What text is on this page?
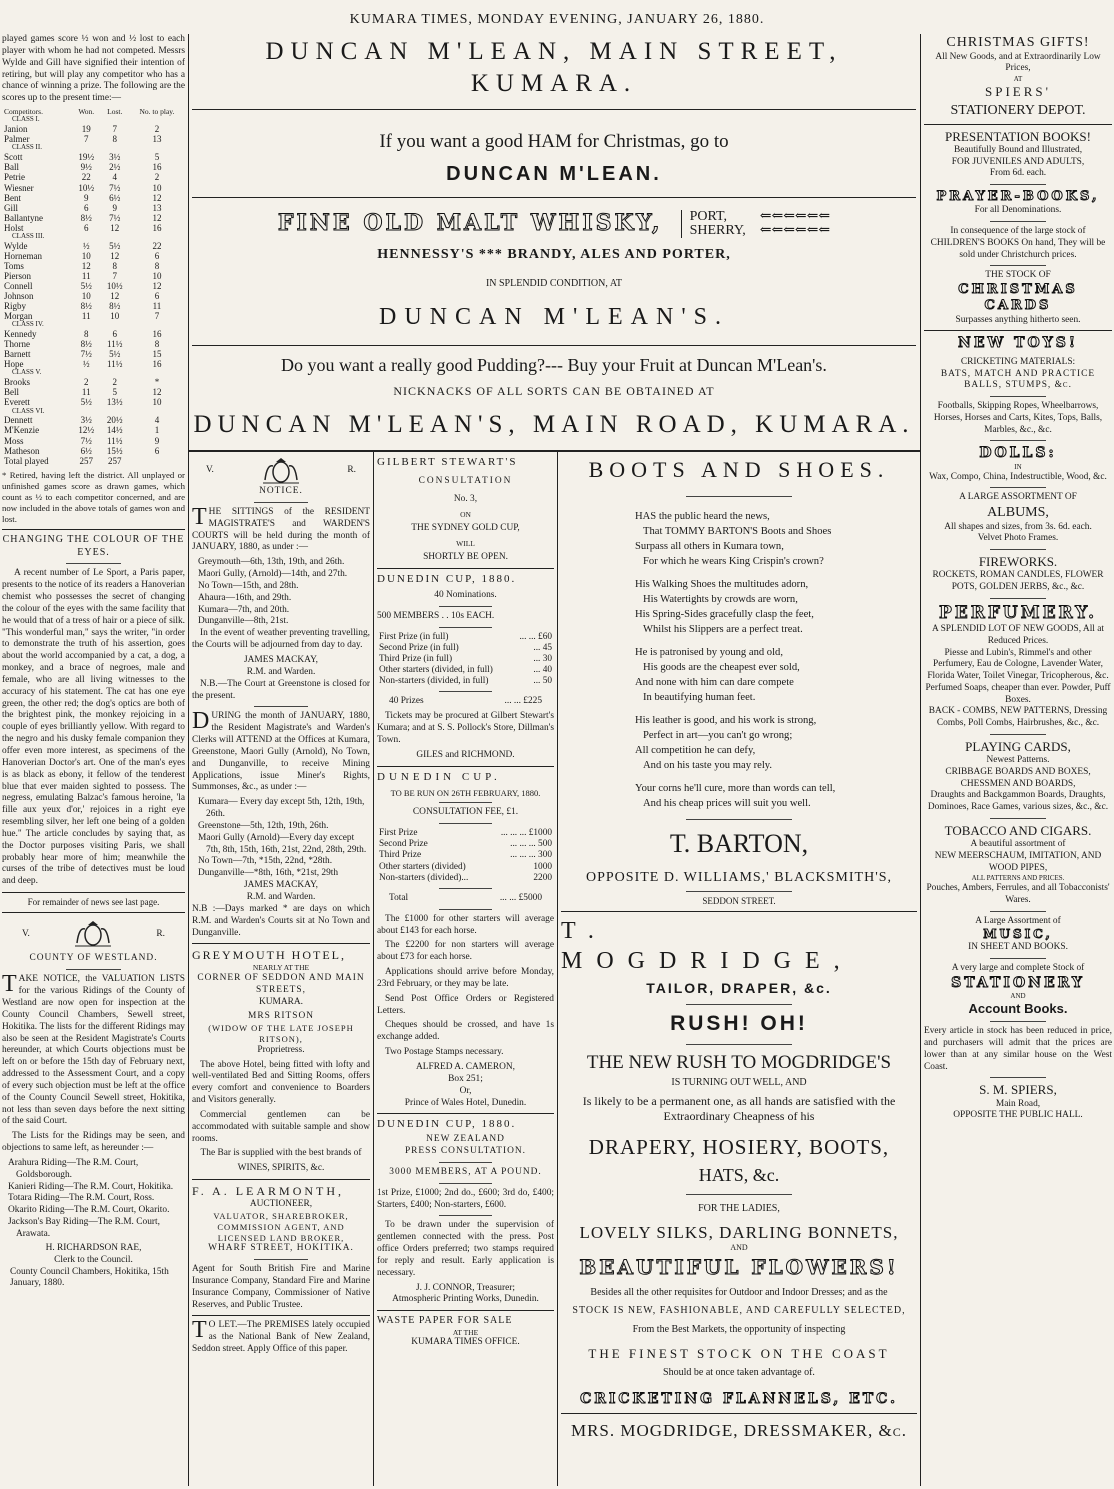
KUMARA TIMES, MONDAY EVENING, JANUARY 26, 1880.

played games score ½ won and ½ lost to each player with whom he had not competed. Messrs Wylde and Gill have signified their intention of retiring, but will play any competitor who has a chance of winning a prize. The following are the scores up to the present time:—

Competitors.	Won.	Lost.	No. to play.
CLASS I.			
Janion	19	7	2
Palmer	7	8	13
CLASS II.			
Scott	19½	3½	5
Ball	9½	2½	16
Petrie	22	4	2
Wiesner	10½	7½	10
Bent	9	6½	12
Gill	6	9	13
Ballantyne	8½	7½	12
Holst	6	12	16
CLASS III.			
Wylde	½	5½	22
Horneman	10	12	6
Toms	12	8	8
Pierson	11	7	10
Connell	5½	10½	12
Johnson	10	12	6
Rigby	8½	8½	11
Morgan	11	10	7
CLASS IV.			
Kennedy	8	6	16
Thorne	8½	11½	8
Barnett	7½	5½	15
Hope	½	11½	16
CLASS V.			
Brooks	2	2	*
Bell	11	5	12
Everett	5½	13½	10
CLASS VI.			
Dennett	3½	20½	4
M'Kenzie	12½	14½	1
Moss	7½	11½	9
Matheson	6½	15½	6
Total played	257	257	

* Retired, having left the district. All unplayed or unfinished games score as drawn games, which count as ½ to each competitor concerned, and are now included in the above totals of games won and lost.

CHANGING THE COLOUR OF THE EYES.

A recent number of Le Sport, a Paris paper, presents to the notice of its readers a Hanoverian chemist who possesses the secret of changing the colour of the eyes with the same facility that he would that of a tress of hair or a piece of silk. "This wonderful man," says the writer, "in order to demonstrate the truth of his assertion, goes about the world accompanied by a cat, a dog, a monkey, and a brace of negroes, male and female, who are all living witnesses to the accuracy of his statement. The cat has one eye green, the other red; the dog's optics are both of the brightest pink, the monkey rejoicing in a couple of eyes brilliantly yellow. With regard to the negro and his dusky female companion they offer even more interest, as specimens of the Hanoverian Doctor's art. One of the man's eyes is as black as ebony, it fellow of the tenderest blue that ever maiden sighted to possess. The negress, emulating Balzac's famous heroine, 'la fille aux yeux d'or,' rejoices in a right eye resembling silver, her left one being of a golden hue." The article concludes by saying that, as the Doctor purposes visiting Paris, we shall probably hear more of him; meanwhile the curses of the tribe of detectives must be loud and deep.

For remainder of news see last page.
V.	R.
COUNTY OF WESTLAND.

TAKE NOTICE, the VALUATION LISTS for the various Ridings of the County of Westland are now open for inspection at the County Council Chambers, Sewell street, Hokitika. The lists for the different Ridings may also be seen at the Resident Magistrate's Courts hereunder, at which Courts objections must be left on or before the 15th day of February next, addressed to the Assessment Court, and a copy of every such objection must be left at the office of the County Council Sewell street, Hokitika, not less than seven days before the next sitting of the said Court.

The Lists for the Ridings may be seen, and objections to same left, as hereunder :—

Arahura Riding—The R.M. Court, Goldsborough.
Kanieri Riding—The R.M. Court, Hokitika.
Totara Riding—The R.M. Court, Ross.
Okarito Riding—The R.M. Court, Okarito.
Jackson's Bay Riding—The R.M. Court, Arawata.
H. RICHARDSON RAE,
Clerk to the Council.
County Council Chambers, Hokitika, 15th January, 1880.
DUNCAN M'LEAN, MAIN STREET, KUMARA.
If you want a good HAM for Christmas, go to
DUNCAN M'LEAN.
FINE OLD MALT WHISKY, PORT, ⇐⇐⇐⇐⇐⇐
SHERRY, ⇐⇐⇐⇐⇐⇐
HENNESSY'S *** BRANDY, ALES AND PORTER,
IN SPLENDID CONDITION, AT
DUNCAN M'LEAN'S.
Do you want a really good Pudding?--- Buy your Fruit at Duncan M'Lean's.
NICKNACKS OF ALL SORTS CAN BE OBTAINED AT
DUNCAN M'LEAN'S, MAIN ROAD, KUMARA.
V.	R.
NOTICE.

THE SITTINGS of the RESIDENT MAGISTRATE'S and WARDEN'S COURTS will be held during the month of JANUARY, 1880, as under :—

Greymouth—6th, 13th, 19th, and 26th.
Maori Gully, (Arnold)—14th, and 27th.
No Town—15th, and 28th.
Ahaura—16th, and 29th.
Kumara—7th, and 20th.
Dunganville—8th, 21st.

In the event of weather preventing travelling, the Courts will be adjourned from day to day.

JAMES MACKAY,
R.M. and Warden.

N.B.—The Court at Greenstone is closed for the present.

DURING the month of JANUARY, 1880, the Resident Magistrate's and Warden's Clerks will ATTEND at the Offices at Kumara, Greenstone, Maori Gully (Arnold), No Town, and Dunganville, to receive Mining Applications, issue Miner's Rights, Summonses, &c., as under :—

Kumara— Every day except 5th, 12th, 19th, 26th.
Greenstone—5th, 12th, 19th, 26th.
Maori Gully (Arnold)—Every day except 7th, 8th, 15th, 16th, 21st, 22nd, 28th, 29th.
No Town—7th, *15th, 22nd, *28th.
Dunganville—*8th, 16th, *21st, 29th
JAMES MACKAY,
R.M. and Warden.

N.B :—Days marked * are days on which R.M. and Warden's Courts sit at No Town and Dunganville.

GREYMOUTH HOTEL,
NEARLY AT THE
CORNER OF SEDDON AND MAIN STREETS,
KUMARA.
MRS RITSON
(WIDOW OF THE LATE JOSEPH RITSON),
Proprietress.

The above Hotel, being fitted with lofty and well-ventilated Bed and Sitting Rooms, offers every comfort and convenience to Boarders and Visitors generally.

Commercial gentlemen can be accommodated with suitable sample and show rooms.

The Bar is supplied with the best brands of

WINES, SPIRITS, &c.
F. A. LEARMONTH,
AUCTIONEER,
VALUATOR, SHAREBROKER, COMMISSION AGENT, AND LICENSED LAND BROKER,
WHARF STREET, HOKITIKA.

Agent for South British Fire and Marine Insurance Company, Standard Fire and Marine Insurance Company, Commissioner of Native Reserves, and Public Trustee.

TO LET.—The PREMISES lately occupied as the National Bank of New Zealand, Seddon street. Apply Office of this paper.

GILBERT STEWART'S
CONSULTATION
No. 3,
ON
THE SYDNEY GOLD CUP,
WILL
SHORTLY BE OPEN.
DUNEDIN CUP, 1880.
40 Nominations.
500 MEMBERS . . 10s EACH.
First Prize (in full)	... ... £60
Second Prize (in full)	... 45
Third Prize (in full)	... 30
Other starters (divided, in full)	... 40
Non-starters (divided, in full)	... 50
40 Prizes	... ... £225

Tickets may be procured at Gilbert Stewart's Kumara; and at S. S. Pollock's Store, Dillman's Town.

GILES and RICHMOND.
DUNEDIN CUP.
TO BE RUN ON 26TH FEBRUARY, 1880.
CONSULTATION FEE, £1.
First Prize	... ... ... £1000
Second Prize	... ... ... 500
Third Prize	... ... ... 300
Other starters (divided)	1000
Non-starters (divided)...	2200
Total	... ... £5000

The £1000 for other starters will average about £143 for each horse.

The £2200 for non starters will average about £73 for each horse.

Applications should arrive before Monday, 23rd February, or they may be late.

Send Post Office Orders or Registered Letters.

Cheques should be crossed, and have 1s exchange added.

Two Postage Stamps necessary.

ALFRED A. CAMERON,
Box 251;
Or,
Prince of Wales Hotel, Dunedin.
DUNEDIN CUP, 1880.
NEW ZEALAND
PRESS CONSULTATION.
3000 MEMBERS, AT A POUND.

1st Prize, £1000; 2nd do., £600; 3rd do, £400; Starters, £400; Non-starters, £600.

To be drawn under the supervision of gentlemen connected with the press. Post office Orders preferred; two stamps required for reply and result. Early application is necessary.

J. J. CONNOR, Treasurer;
Atmospheric Printing Works, Dunedin.
WASTE PAPER FOR SALE
AT THE
KUMARA TIMES OFFICE.
BOOTS AND SHOES.
HAS the public heard the news,
That TOMMY BARTON'S Boots and Shoes
Surpass all others in Kumara town,
For which he wears King Crispin's crown?
His Walking Shoes the multitudes adorn,
His Watertights by crowds are worn,
His Spring-Sides gracefully clasp the feet,
Whilst his Slippers are a perfect treat.
He is patronised by young and old,
His goods are the cheapest ever sold,
And none with him can dare compete
In beautifying human feet.
His leather is good, and his work is strong,
Perfect in art—you can't go wrong;
All competition he can defy,
And on his taste you may rely.
Your corns he'll cure, more than words can tell,
And his cheap prices will suit you well.
T. BARTON,
OPPOSITE D. WILLIAMS,' BLACKSMITH'S,
SEDDON STREET.
T. MOGDRIDGE,
TAILOR, DRAPER, &c.
RUSH! OH!
THE NEW RUSH TO MOGDRIDGE'S
IS TURNING OUT WELL, AND
Is likely to be a permanent one, as all hands are satisfied with the Extraordinary Cheapness of his
DRAPERY, HOSIERY, BOOTS,
HATS, &c.
FOR THE LADIES,
LOVELY SILKS, DARLING BONNETS,
AND
BEAUTIFUL FLOWERS!
Besides all the other requisites for Outdoor and Indoor Dresses; and as the
STOCK IS NEW, FASHIONABLE, AND CAREFULLY SELECTED,
From the Best Markets, the opportunity of inspecting
THE FINEST STOCK ON THE COAST
Should be at once taken advantage of.
CRICKETING FLANNELS, ETC.
MRS. MOGDRIDGE, DRESSMAKER, &c.
CHRISTMAS GIFTS!
All New Goods, and at Extraordinarily Low Prices,
AT
SPIERS'
STATIONERY DEPOT.
PRESENTATION BOOKS!
Beautifully Bound and Illustrated,
FOR JUVENILES AND ADULTS,
From 6d. each.
PRAYER-BOOKS,
For all Denominations.
In consequence of the large stock of CHILDREN'S BOOKS On hand, They will be sold under Christchurch prices.
THE STOCK OF
CHRISTMAS CARDS
Surpasses anything hitherto seen.
NEW TOYS!
CRICKETING MATERIALS:
BATS, MATCH AND PRACTICE BALLS, STUMPS, &c.
Footballs, Skipping Ropes, Wheelbarrows, Horses, Horses and Carts, Kites, Tops, Balls, Marbles, &c., &c.
DOLLS:
IN
Wax, Compo, China, Indestructible, Wood, &c.
A LARGE ASSORTMENT OF
ALBUMS,
All shapes and sizes, from 3s. 6d. each.
Velvet Photo Frames.
FIREWORKS.
ROCKETS, ROMAN CANDLES, FLOWER POTS, GOLDEN JERBS, &c., &c.
PERFUMERY.
A SPLENDID LOT OF NEW GOODS, All at Reduced Prices.
Piesse and Lubin's, Rimmel's and other Perfumery, Eau de Cologne, Lavender Water, Florida Water, Toilet Vinegar, Tricopherous, &c.
Perfumed Soaps, cheaper than ever. Powder, Puff Boxes.
BACK - COMBS, NEW PATTERNS, Dressing Combs, Poll Combs, Hairbrushes, &c., &c.
PLAYING CARDS,
Newest Patterns.
CRIBBAGE BOARDS AND BOXES, CHESSMEN AND BOARDS,
Draughts and Backgammon Boards, Draughts, Dominoes, Race Games, various sizes, &c., &c.
TOBACCO AND CIGARS.
A beautiful assortment of
NEW MEERSCHAUM, IMITATION, AND WOOD PIPES,
ALL PATTERNS AND PRICES.
Pouches, Ambers, Ferrules, and all Tobacconists' Wares.
A Large Assortment of
MUSIC,
IN SHEET AND BOOKS.
A very large and complete Stock of
STATIONERY
AND
Account Books.
Every article in stock has been reduced in price, and purchasers will admit that the prices are lower than at any similar house on the West Coast.
S. M. SPIERS,
Main Road,
OPPOSITE THE PUBLIC HALL.
